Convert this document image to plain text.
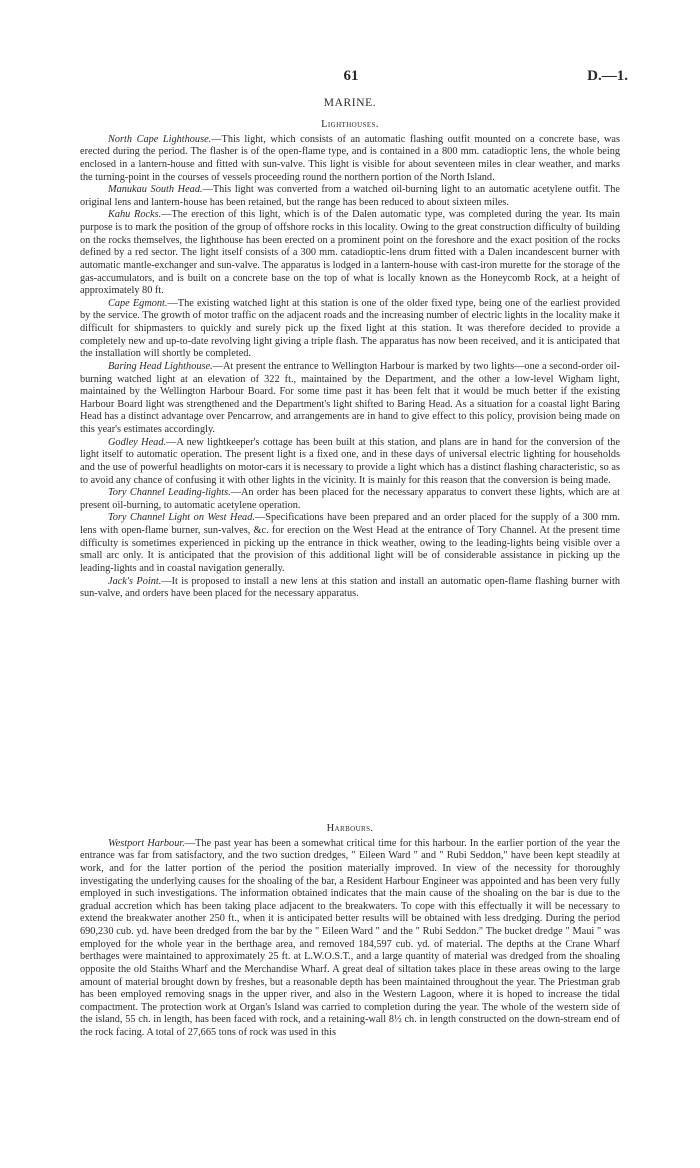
61	D.—1.
MARINE.
Lighthouses.

North Cape Lighthouse.—This light, which consists of an automatic flashing outfit mounted on a concrete base, was erected during the period. The flasher is of the open-flame type, and is contained in a 800 mm. catadioptic lens, the whole being enclosed in a lantern-house and fitted with sun-valve. This light is visible for about seventeen miles in clear weather, and marks the turning-point in the courses of vessels proceeding round the northern portion of the North Island.

Manukau South Head.—This light was converted from a watched oil-burning light to an automatic acetylene outfit. The original lens and lantern-house has been retained, but the range has been reduced to about sixteen miles.

Kahu Rocks.—The erection of this light, which is of the Dalen automatic type, was completed during the year. Its main purpose is to mark the position of the group of offshore rocks in this locality. Owing to the great construction difficulty of building on the rocks themselves, the lighthouse has been erected on a prominent point on the foreshore and the exact position of the rocks defined by a red sector. The light itself consists of a 300 mm. catadioptic-lens drum fitted with a Dalen incandescent burner with automatic mantle-exchanger and sun-valve. The apparatus is lodged in a lantern-house with cast-iron murette for the storage of the gas-accumulators, and is built on a concrete base on the top of what is locally known as the Honeycomb Rock, at a height of approximately 80 ft.

Cape Egmont.—The existing watched light at this station is one of the older fixed type, being one of the earliest provided by the service. The growth of motor traffic on the adjacent roads and the increasing number of electric lights in the locality make it difficult for shipmasters to quickly and surely pick up the fixed light at this station. It was therefore decided to provide a completely new and up-to-date revolving light giving a triple flash. The apparatus has now been received, and it is anticipated that the installation will shortly be completed.

Baring Head Lighthouse.—At present the entrance to Wellington Harbour is marked by two lights—one a second-order oil-burning watched light at an elevation of 322 ft., maintained by the Department, and the other a low-level Wigham light, maintained by the Wellington Harbour Board. For some time past it has been felt that it would be much better if the existing Harbour Board light was strengthened and the Department's light shifted to Baring Head. As a situation for a coastal light Baring Head has a distinct advantage over Pencarrow, and arrangements are in hand to give effect to this policy, provision being made on this year's estimates accordingly.

Godley Head.—A new lightkeeper's cottage has been built at this station, and plans are in hand for the conversion of the light itself to automatic operation. The present light is a fixed one, and in these days of universal electric lighting for households and the use of powerful headlights on motor-cars it is necessary to provide a light which has a distinct flashing characteristic, so as to avoid any chance of confusing it with other lights in the vicinity. It is mainly for this reason that the conversion is being made.

Tory Channel Leading-lights.—An order has been placed for the necessary apparatus to convert these lights, which are at present oil-burning, to automatic acetylene operation.

Tory Channel Light on West Head.—Specifications have been prepared and an order placed for the supply of a 300 mm. lens with open-flame burner, sun-valves, &c. for erection on the West Head at the entrance of Tory Channel. At the present time difficulty is sometimes experienced in picking up the entrance in thick weather, owing to the leading-lights being visible over a small arc only. It is anticipated that the provision of this additional light will be of considerable assistance in picking up the leading-lights and in coastal navigation generally.

Jack's Point.—It is proposed to install a new lens at this station and install an automatic open-flame flashing burner with sun-valve, and orders have been placed for the necessary apparatus.

Harbours.

Westport Harbour.—The past year has been a somewhat critical time for this harbour. In the earlier portion of the year the entrance was far from satisfactory, and the two suction dredges, " Eileen Ward " and " Rubi Seddon," have been kept steadily at work, and for the latter portion of the period the position materially improved. In view of the necessity for thoroughly investigating the underlying causes for the shoaling of the bar, a Resident Harbour Engineer was appointed and has been very fully employed in such investigations. The information obtained indicates that the main cause of the shoaling on the bar is due to the gradual accretion which has been taking place adjacent to the breakwaters. To cope with this effectually it will be necessary to extend the breakwater another 250 ft., when it is anticipated better results will be obtained with less dredging. During the period 690,230 cub. yd. have been dredged from the bar by the " Eileen Ward " and the " Rubi Seddon." The bucket dredge " Maui " was employed for the whole year in the berthage area, and removed 184,597 cub. yd. of material. The depths at the Crane Wharf berthages were maintained to approximately 25 ft. at L.W.O.S.T., and a large quantity of material was dredged from the shoaling opposite the old Staiths Wharf and the Merchandise Wharf. A great deal of siltation takes place in these areas owing to the large amount of material brought down by freshes, but a reasonable depth has been maintained throughout the year. The Priestman grab has been employed removing snags in the upper river, and also in the Western Lagoon, where it is hoped to increase the tidal compactment. The protection work at Organ's Island was carried to completion during the year. The whole of the western side of the island, 55 ch. in length, has been faced with rock, and a retaining-wall 8½ ch. in length constructed on the down-stream end of the rock facing. A total of 27,665 tons of rock was used in this
